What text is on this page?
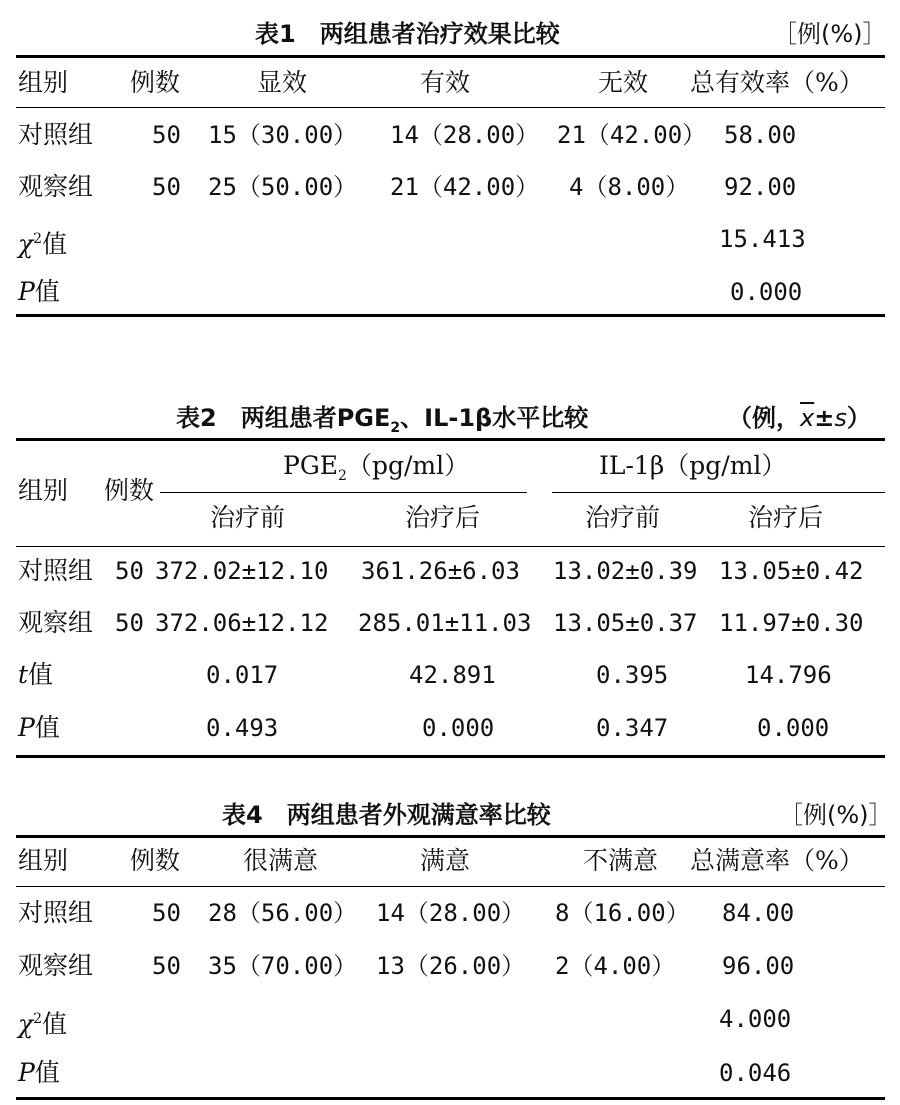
表1　两组患者治疗效果比较	［例(%)］
组别 例数	显效	有效	无效 总有效率（%）
对照组 50 15（30.00） 14（28.00） 21（42.00） 58.00
观察组 50 25（50.00） 21（42.00） 4（8.00） 92.00
$\chi^2$值	15.413
P值	0.000
表2　两组患者$PGE_2$、IL-1β水平比较	（例，$\overline{x}\pm s$）
组别 例数
$PGE_2(pg/ml)$	IL-1β（pg/ml）
治疗前	治疗后	治疗前	治疗后
对照组 50 372.02±12.10 361.26±6.03 13.02±0.39 13.05±0.42
观察组 50 372.06±12.12 285.01±11.03 13.05±0.37 11.97±0.30
t值	0.017	42.891	0.395	14.796
P值	0.493	0.000	0.347	0.000
表4　两组患者外观满意率比较	［例(%)］
组别 例数	很满意	满意	不满意 总满意率（%）
对照组 50 28（56.00） 14（28.00） 8（16.00） 84.00
观察组 50 35（70.00） 13（26.00） 2（4.00） 96.00
$\chi^2$值	4.000
P值	0.046
